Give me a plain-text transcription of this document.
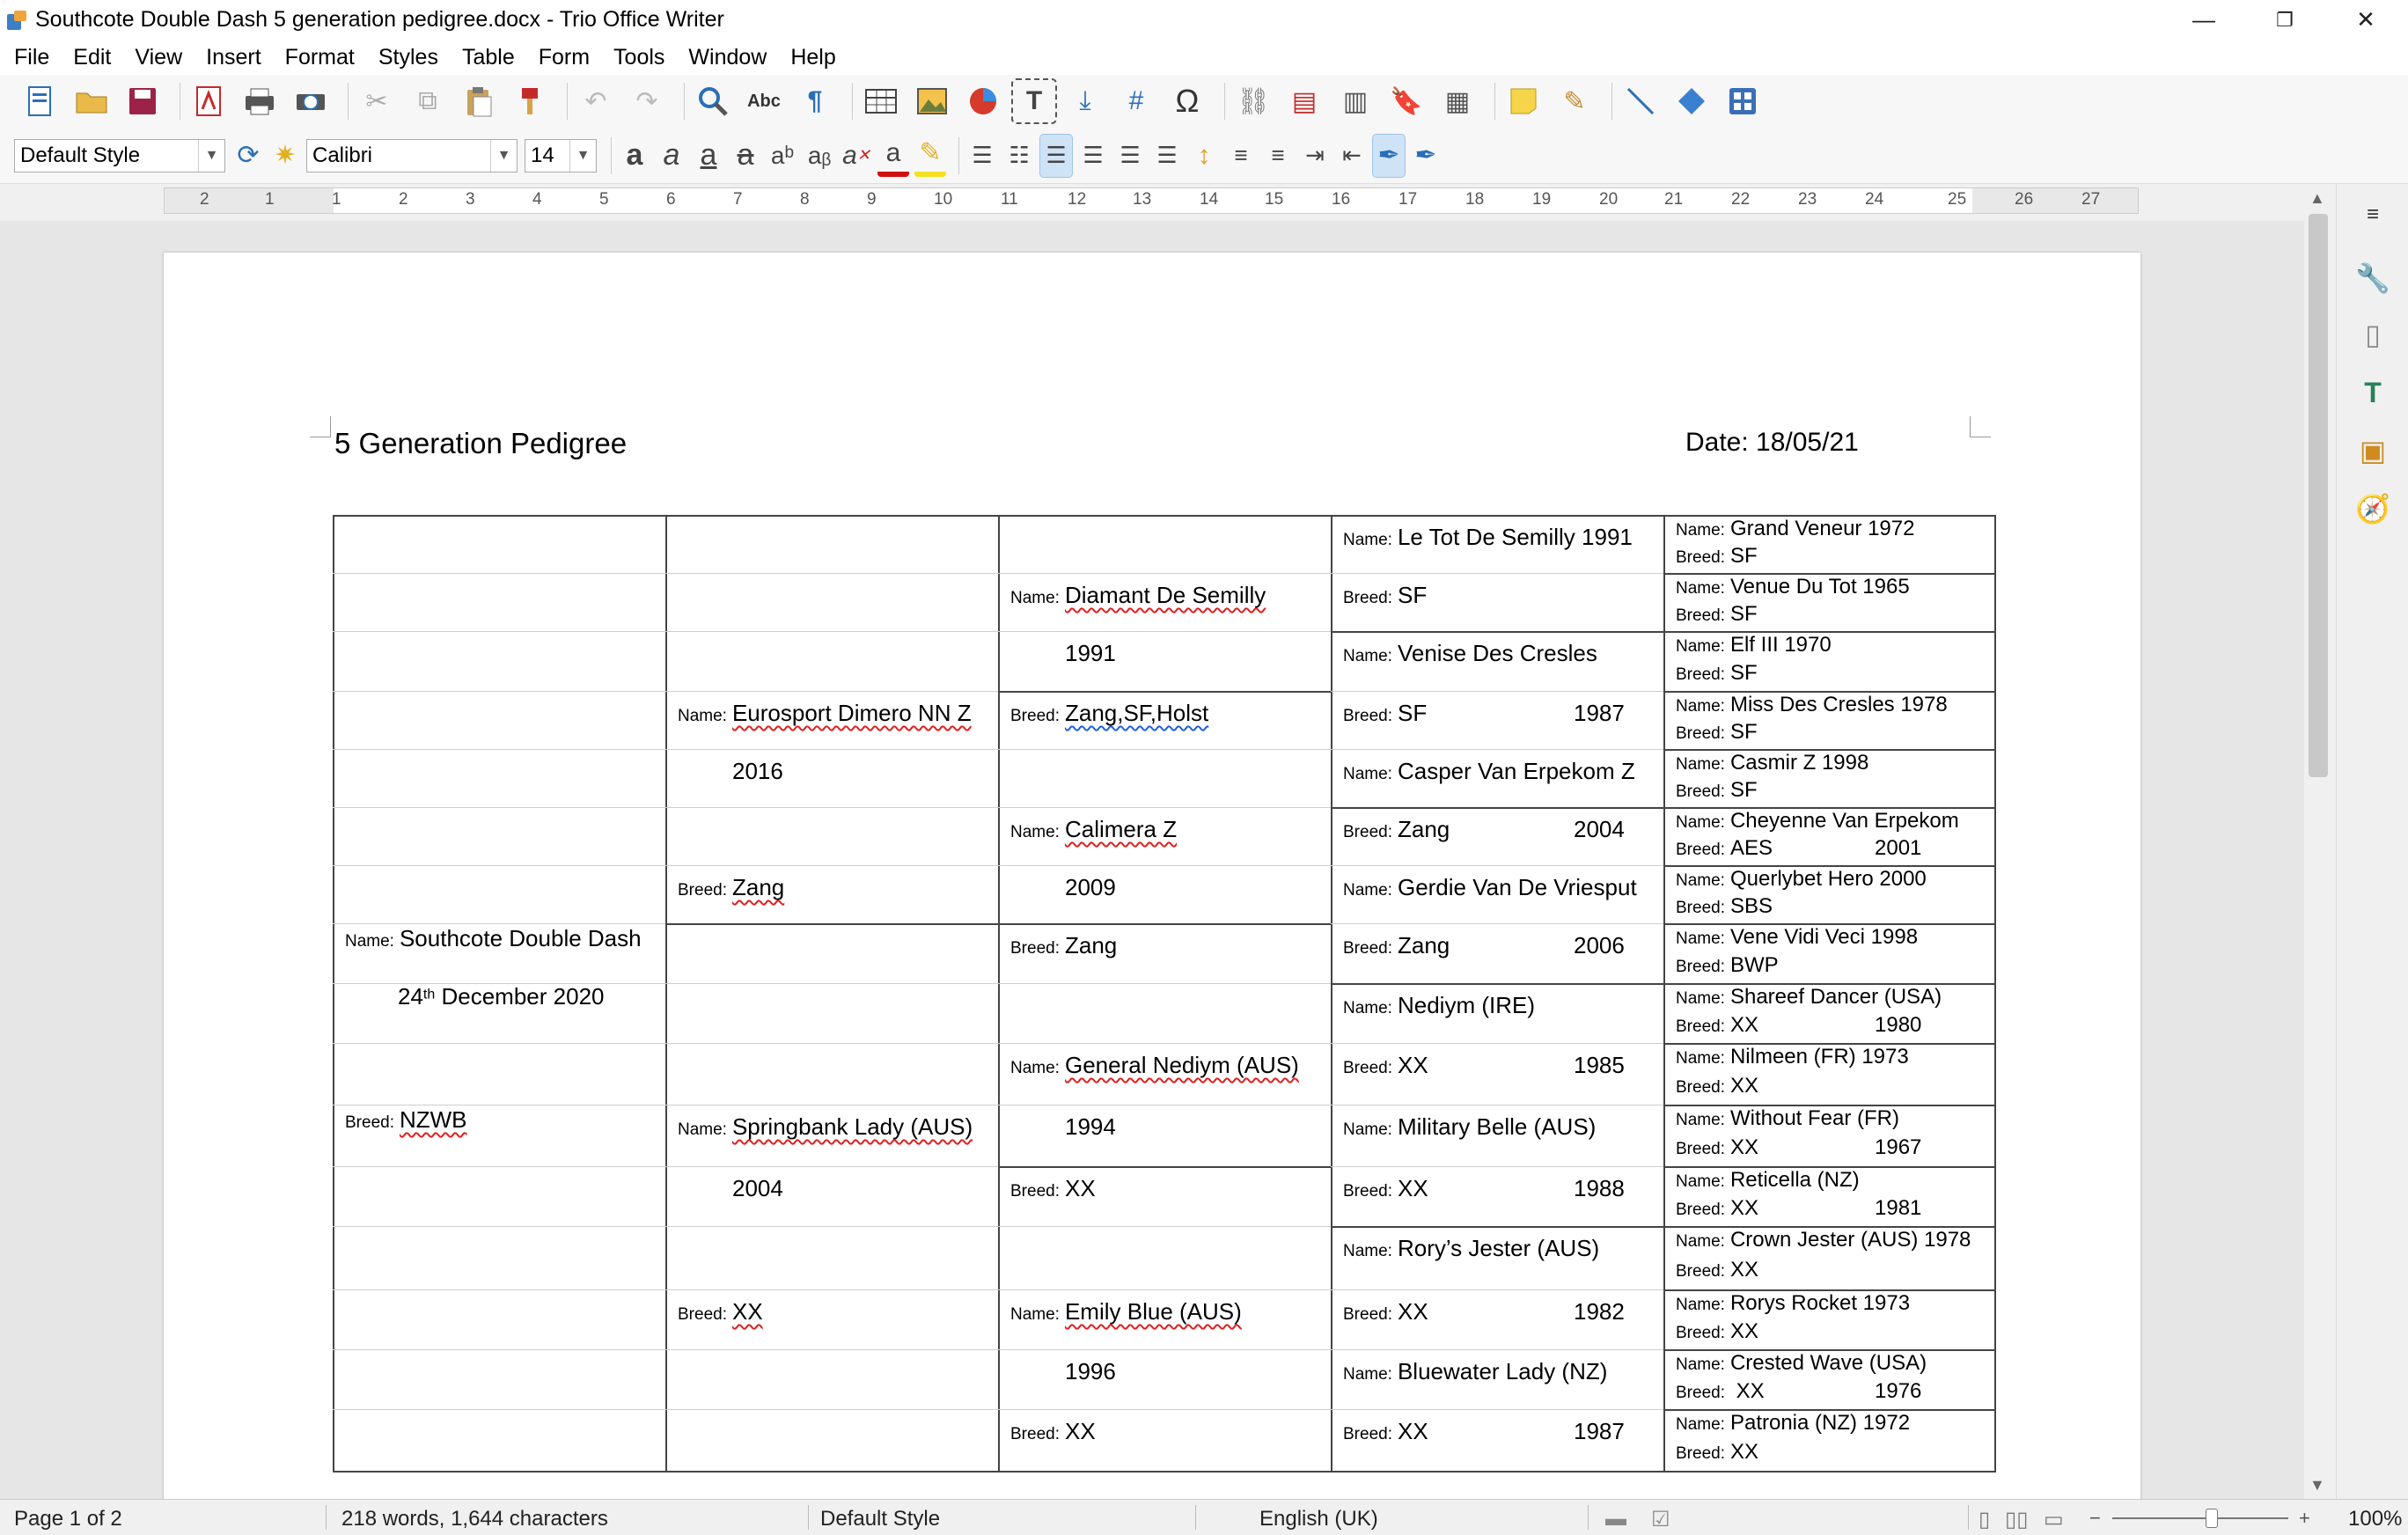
Southcote Double Dash 5 generation pedigree.docx - Trio Office Writer	—	❐	✕
File Edit View Insert Format Styles Table Form Tools Window Help
✂	⧉	↶	↷	Abc	¶	T	⤓	#	Ω	⛓ ▤ ▥ 🔖 ▦	✎
Default Style	▼ ⟳ ✷ Calibri	▼ 14	▼ a a a a aᵇ aᵦ a ✕ a ✎ ☰ ☷ ☰ ☰ ☰ ☰ ↕	≡	≡ ⇥ ⇤ ✒ ✒
2	1	1	2	3	4	5	6	7	8	9	10	11	12	13	14	15	16	17	18	19	20	21	22	23	24	25	26	27
5 Generation Pedigree	Date: 18/05/21
Name: Southcote Double Dash
24th December 2020
Breed: NZWB
Name: Eurosport Dimero NN Z
2016
Breed: Zang
Name: Springbank Lady (AUS)
2004
Breed: XX
Name: Diamant De Semilly
1991
Breed: Zang,SF,Holst
Name: Calimera Z
2009
Breed: Zang
Name: General Nediym (AUS)
1994
Breed: XX
Name: Emily Blue (AUS)
1996
Breed: XX
Name: Le Tot De Semilly 1991
Breed: SF
Name: Venise Des Cresles
Breed: SF	1987
Name: Casper Van Erpekom Z
Breed: Zang	2004
Name: Gerdie Van De Vriesput
Breed: Zang	2006
Name: Nediym (IRE)
Breed: XX	1985
Name: Military Belle (AUS)
Breed: XX	1988
Name: Rory’s Jester (AUS)
Breed: XX	1982
Name: Bluewater Lady (NZ)
Breed: XX	1987
Name: Grand Veneur 1972
Breed: SF
Name: Venue Du Tot 1965
Breed: SF
Name: Elf III 1970
Breed: SF
Name: Miss Des Cresles 1978
Breed: SF
Name: Casmir Z 1998
Breed: SF
Name: Cheyenne Van Erpekom
Breed: AES	2001
Name: Querlybet Hero 2000
Breed: SBS
Name: Vene Vidi Veci 1998
Breed: BWP
Name: Shareef Dancer (USA)
Breed: XX	1980
Name: Nilmeen (FR) 1973
Breed: XX
Name: Without Fear (FR)
Breed: XX	1967
Name: Reticella (NZ)
Breed: XX	1981
Name: Crown Jester (AUS) 1978
Breed: XX
Name: Rorys Rocket 1973
Breed: XX
Name: Crested Wave (USA)
Breed: XX	1976
Name: Patronia (NZ) 1972
Breed: XX
▲
▼
≡
🔧
▯
T
▣
🧭
Page 1 of 2	218 words, 1,644 characters	Default Style	English (UK)	▬ ☑	▯ ▯▯ ▭ −	+ 100%
